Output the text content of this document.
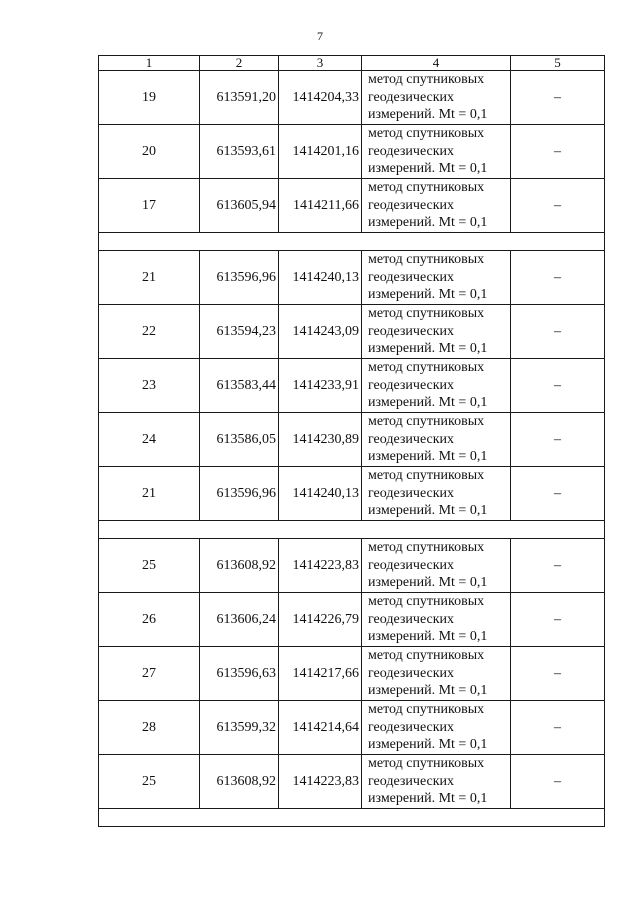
7
1	2	3	4	5
19	613591,20	1414204,33	метод спутниковых
геодезических
измерений. Mt = 0,1	–
20	613593,61	1414201,16	метод спутниковых
геодезических
измерений. Mt = 0,1	–
17	613605,94	1414211,66	метод спутниковых
геодезических
измерений. Mt = 0,1	–

21	613596,96	1414240,13	метод спутниковых
геодезических
измерений. Mt = 0,1	–
22	613594,23	1414243,09	метод спутниковых
геодезических
измерений. Mt = 0,1	–
23	613583,44	1414233,91	метод спутниковых
геодезических
измерений. Mt = 0,1	–
24	613586,05	1414230,89	метод спутниковых
геодезических
измерений. Mt = 0,1	–
21	613596,96	1414240,13	метод спутниковых
геодезических
измерений. Mt = 0,1	–

25	613608,92	1414223,83	метод спутниковых
геодезических
измерений. Mt = 0,1	–
26	613606,24	1414226,79	метод спутниковых
геодезических
измерений. Mt = 0,1	–
27	613596,63	1414217,66	метод спутниковых
геодезических
измерений. Mt = 0,1	–
28	613599,32	1414214,64	метод спутниковых
геодезических
измерений. Mt = 0,1	–
25	613608,92	1414223,83	метод спутниковых
геодезических
измерений. Mt = 0,1	–
